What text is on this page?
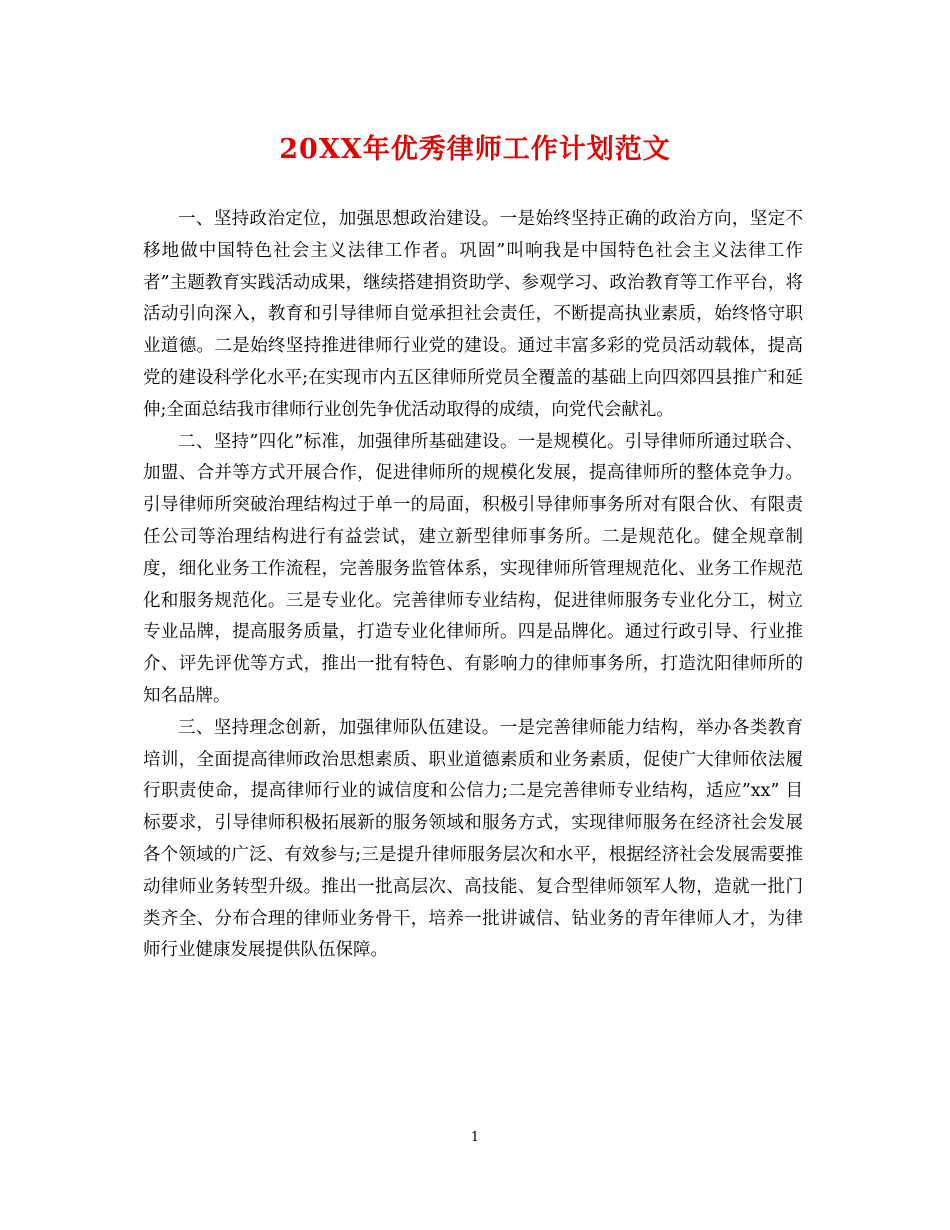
20XX年优秀律师工作计划范文

一、坚持政治定位，加强思想政治建设。一是始终坚持正确的政治方向，坚定不移地做中国特色社会主义法律工作者。巩固”叫响我是中国特色社会主义法律工作者”主题教育实践活动成果，继续搭建捐资助学、参观学习、政治教育等工作平台，将活动引向深入，教育和引导律师自觉承担社会责任，不断提高执业素质，始终恪守职业道德。二是始终坚持推进律师行业党的建设。通过丰富多彩的党员活动载体，提高党的建设科学化水平;在实现市内五区律师所党员全覆盖的基础上向四郊四县推广和延伸;全面总结我市律师行业创先争优活动取得的成绩，向党代会献礼。

二、坚持”四化”标准，加强律所基础建设。一是规模化。引导律师所通过联合、加盟、合并等方式开展合作，促进律师所的规模化发展，提高律师所的整体竞争力。引导律师所突破治理结构过于单一的局面，积极引导律师事务所对有限合伙、有限责任公司等治理结构进行有益尝试，建立新型律师事务所。二是规范化。健全规章制度，细化业务工作流程，完善服务监管体系，实现律师所管理规范化、业务工作规范化和服务规范化。三是专业化。完善律师专业结构，促进律师服务专业化分工，树立专业品牌，提高服务质量，打造专业化律师所。四是品牌化。通过行政引导、行业推介、评先评优等方式，推出一批有特色、有影响力的律师事务所，打造沈阳律师所的知名品牌。

三、坚持理念创新，加强律师队伍建设。一是完善律师能力结构，举办各类教育培训，全面提高律师政治思想素质、职业道德素质和业务素质，促使广大律师依法履行职责使命，提高律师行业的诚信度和公信力;二是完善律师专业结构，适应”xx” 目标要求，引导律师积极拓展新的服务领域和服务方式，实现律师服务在经济社会发展各个领域的广泛、有效参与;三是提升律师服务层次和水平，根据经济社会发展需要推动律师业务转型升级。推出一批高层次、高技能、复合型律师领军人物，造就一批门类齐全、分布合理的律师业务骨干，培养一批讲诚信、钻业务的青年律师人才，为律师行业健康发展提供队伍保障。

1
